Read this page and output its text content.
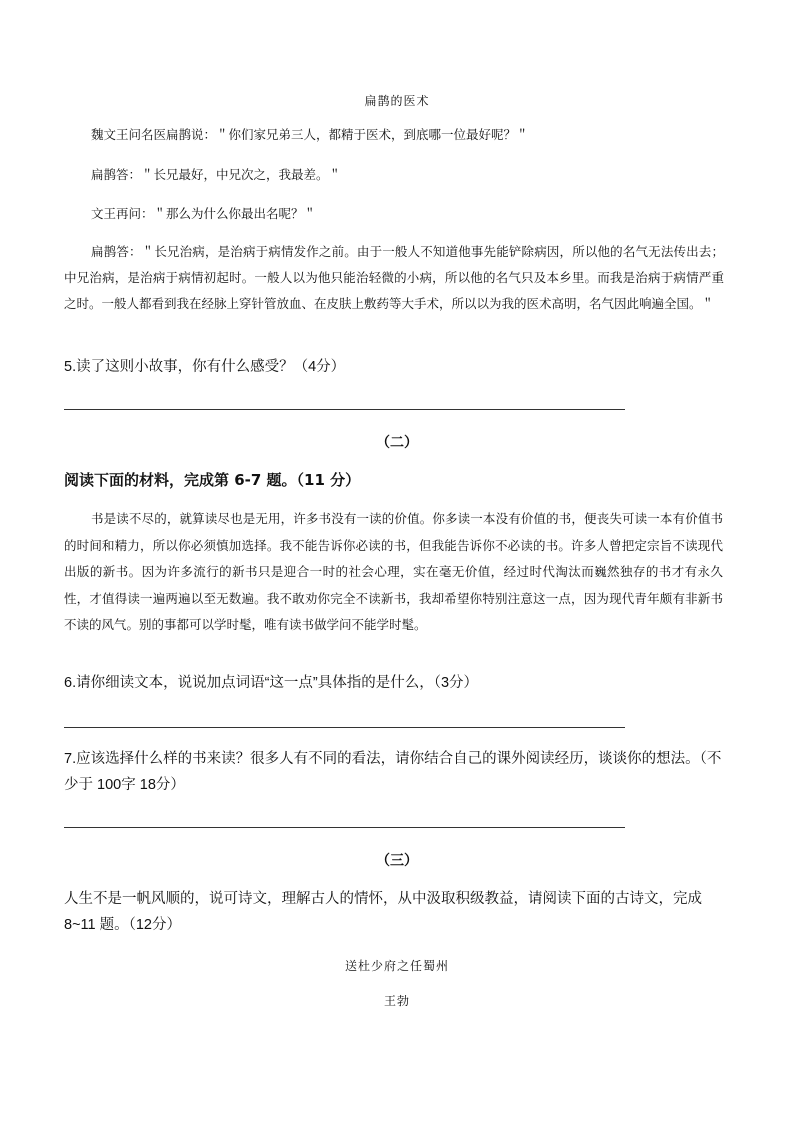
扁鹊的医术
魏文王问名医扁鹊说：＂你们家兄弟三人，都精于医术，到底哪一位最好呢？＂
扁鹊答：＂长兄最好，中兄次之，我最差。＂
文王再问：＂那么为什么你最出名呢？＂
扁鹊答：＂长兄治病，是治病于病情发作之前。由于一般人不知道他事先能铲除病因，所以他的名气无法传出去；中兄治病，是治病于病情初起时。一般人以为他只能治轻微的小病，所以他的名气只及本乡里。而我是治病于病情严重之时。一般人都看到我在经脉上穿针管放血、在皮肤上敷药等大手术，所以以为我的医术高明，名气因此响遍全国。＂
5.读了这则小故事，你有什么感受？（4分）
（二）
阅读下面的材料，完成第 6-7 题。（11 分）
书是读不尽的，就算读尽也是无用，许多书没有一读的价值。你多读一本没有价值的书，便丧失可读一本有价值书的时间和精力，所以你必须慎加选择。我不能告诉你必读的书，但我能告诉你不必读的书。许多人曾把定宗旨不读现代出版的新书。因为许多流行的新书只是迎合一时的社会心理，实在毫无价值，经过时代淘汰而巍然独存的书才有永久性，才值得读一遍两遍以至无数遍。我不敢劝你完全不读新书，我却希望你特别注意这一点，因为现代青年颇有非新书不读的风气。别的事都可以学时髦，唯有读书做学问不能学时髦。
6.请你细读文本，说说加点词语“这一点”具体指的是什么，（3分）
7.应该选择什么样的书来读？很多人有不同的看法，请你结合自己的课外阅读经历，谈谈你的想法。（不少于 100字 18分）
（三）
人生不是一帆风顺的，说可诗文，理解古人的情怀，从中汲取积级教益，请阅读下面的古诗文，完成 8~11 题。（12分）
送杜少府之任蜀州
王勃
